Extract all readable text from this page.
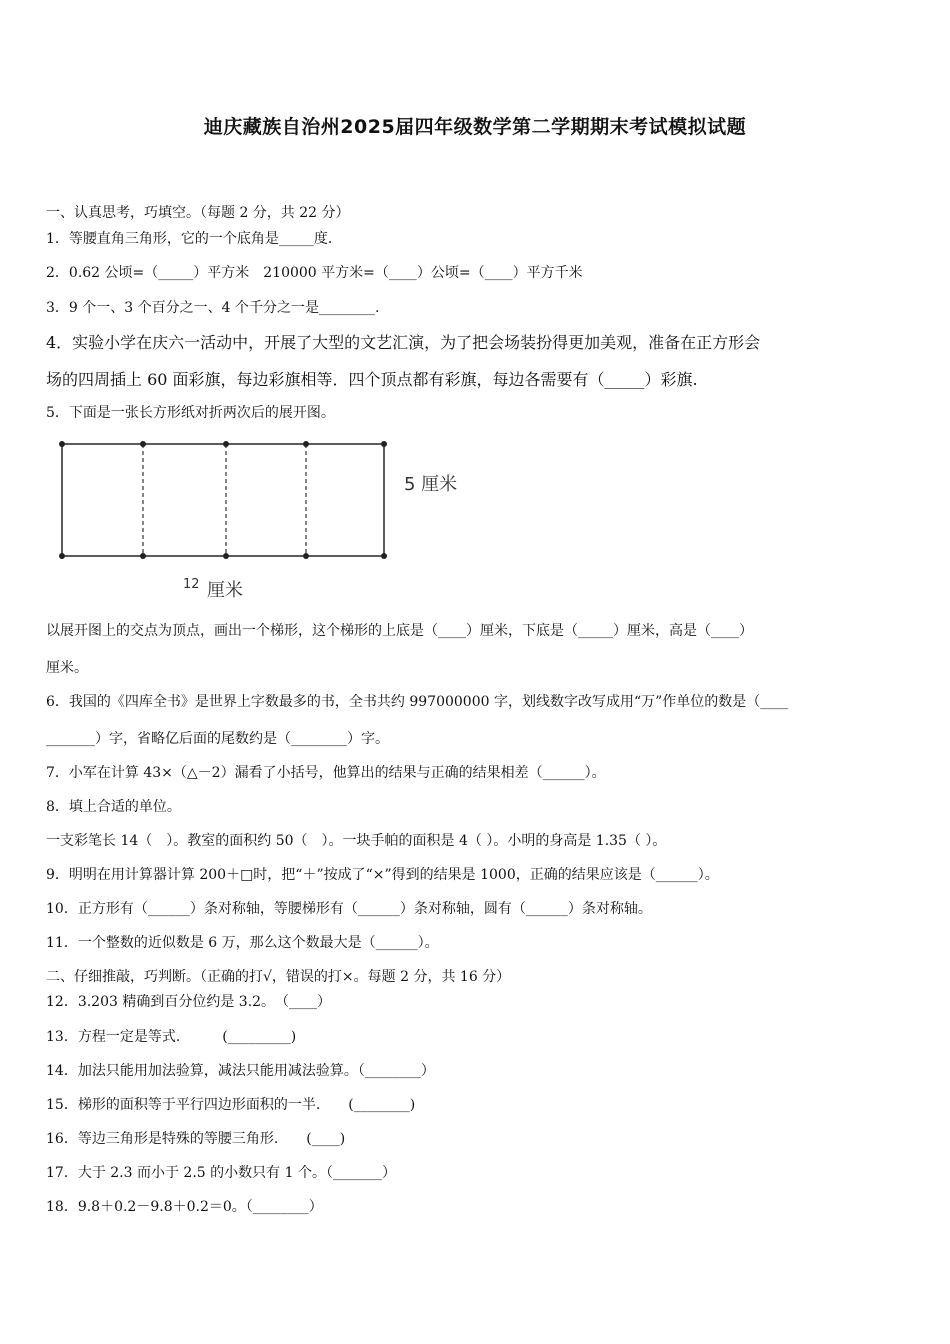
迪庆藏族自治州2025届四年级数学第二学期期末考试模拟试题
一、认真思考，巧填空。（每题 2 分，共 22 分）
1．等腰直角三角形，它的一个底角是_____度.
2．0.62 公顷=（_____）平方米　210000 平方米=（____）公顷=（____）平方千米
3．9 个一、3 个百分之一、4 个千分之一是________.
4．实验小学在庆六一活动中，开展了大型的文艺汇演，为了把会场装扮得更加美观，准备在正方形会
场的四周插上 60 面彩旗，每边彩旗相等．四个顶点都有彩旗，每边各需要有（_____）彩旗.
5．下面是一张长方形纸对折两次后的展开图。
5 厘米
12 厘米
以展开图上的交点为顶点，画出一个梯形，这个梯形的上底是（____）厘米，下底是（_____）厘米，高是（____）
厘米。
6．我国的《四库全书》是世界上字数最多的书，全书共约 997000000 字，划线数字改写成用“万”作单位的数是（____
_______）字，省略亿后面的尾数约是（________）字。
7．小军在计算 43×（△－2）漏看了小括号，他算出的结果与正确的结果相差（______）。
8．填上合适的单位。
一支彩笔长 14（　）。教室的面积约 50（　）。一块手帕的面积是 4（ ）。小明的身高是 1.35（ ）。
9．明明在用计算器计算 200＋□时，把“＋”按成了“×”得到的结果是 1000，正确的结果应该是（______）。
10．正方形有（______）条对称轴，等腰梯形有（______）条对称轴，圆有（______）条对称轴。
11．一个整数的近似数是 6 万，那么这个数最大是（______）。
二、仔细推敲，巧判断。（正确的打√，错误的打×。每题 2 分，共 16 分）
12．3.203 精确到百分位约是 3.2。　（____）
13．方程一定是等式.　　　(_________)
14．加法只能用加法验算，减法只能用减法验算。（________）
15．梯形的面积等于平行四边形面积的一半.　　(________)
16．等边三角形是特殊的等腰三角形.　　(____)
17．大于 2.3 而小于 2.5 的小数只有 1 个。（_______）
18．9.8＋0.2－9.8＋0.2＝0。（________）
